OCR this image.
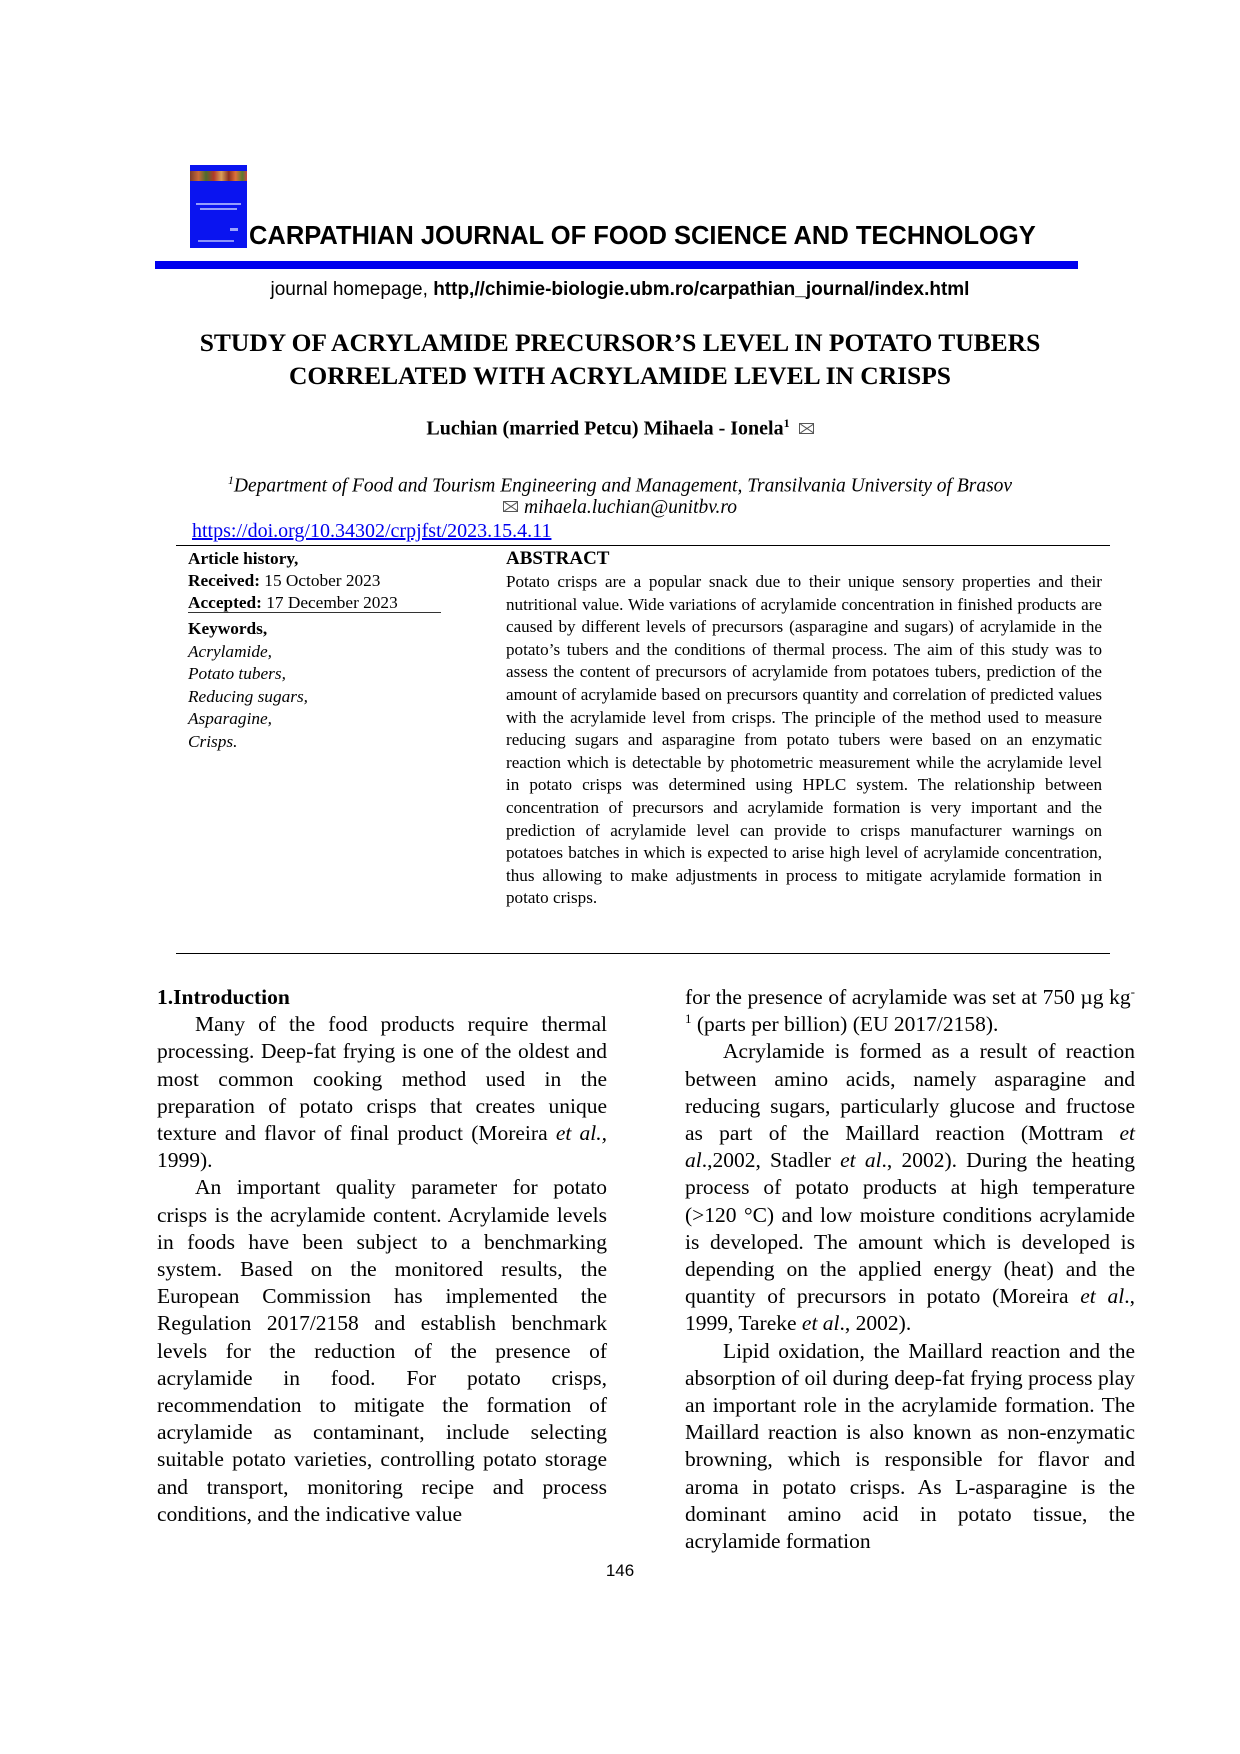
CARPATHIAN JOURNAL OF FOOD SCIENCE AND TECHNOLOGY
journal homepage, http,//chimie-biologie.ubm.ro/carpathian_journal/index.html
STUDY OF ACRYLAMIDE PRECURSOR’S LEVEL IN POTATO TUBERS
CORRELATED WITH ACRYLAMIDE LEVEL IN CRISPS
Luchian (married Petcu) Mihaela - Ionela$^1$
$^1$Department of Food and Tourism Engineering and Management, Transilvania University of Brasov
mihaela.luchian@unitbv.ro
https://doi.org/10.34302/crpjfst/2023.15.4.11
Article history,
Received: 15 October 2023
Accepted: 17 December 2023
Keywords,
Acrylamide,
Potato tubers,
Reducing sugars,
Asparagine,
Crisps.
ABSTRACT
Potato crisps are a popular snack due to their unique sensory properties and their nutritional value. Wide variations of acrylamide concentration in finished products are caused by different levels of precursors (asparagine and sugars) of acrylamide in the potato’s tubers and the conditions of thermal process. The aim of this study was to assess the content of precursors of acrylamide from potatoes tubers, prediction of the amount of acrylamide based on precursors quantity and correlation of predicted values with the acrylamide level from crisps. The principle of the method used to measure reducing sugars and asparagine from potato tubers were based on an enzymatic reaction which is detectable by photometric measurement while the acrylamide level in potato crisps was determined using HPLC system. The relationship between concentration of precursors and acrylamide formation is very important and the prediction of acrylamide level can provide to crisps manufacturer warnings on potatoes batches in which is expected to arise high level of acrylamide concentration, thus allowing to make adjustments in process to mitigate acrylamide formation in potato crisps.
1.Introduction

Many of the food products require thermal processing. Deep-fat frying is one of the oldest and most common cooking method used in the preparation of potato crisps that creates unique texture and flavor of final product (Moreira et al., 1999).

An important quality parameter for potato crisps is the acrylamide content. Acrylamide levels in foods have been subject to a benchmarking system. Based on the monitored results, the European Commission has implemented the Regulation 2017/2158 and establish benchmark levels for the reduction of the presence of acrylamide in food. For potato crisps, recommendation to mitigate the formation of acrylamide as contaminant, include selecting suitable potato varieties, controlling potato storage and transport, monitoring recipe and process conditions, and the indicative value

for the presence of acrylamide was set at 750 µg $kg^{-1}$ (parts per billion) (EU 2017/2158).

Acrylamide is formed as a result of reaction between amino acids, namely asparagine and reducing sugars, particularly glucose and fructose as part of the Maillard reaction (Mottram et al.,2002, Stadler et al., 2002). During the heating process of potato products at high temperature (>120 °C) and low moisture conditions acrylamide is developed. The amount which is developed is depending on the applied energy (heat) and the quantity of precursors in potato (Moreira et al., 1999, Tareke et al., 2002).

Lipid oxidation, the Maillard reaction and the absorption of oil during deep-fat frying process play an important role in the acrylamide formation. The Maillard reaction is also known as non-enzymatic browning, which is responsible for flavor and aroma in potato crisps. As L-asparagine is the dominant amino acid in potato tissue, the acrylamide formation

146
